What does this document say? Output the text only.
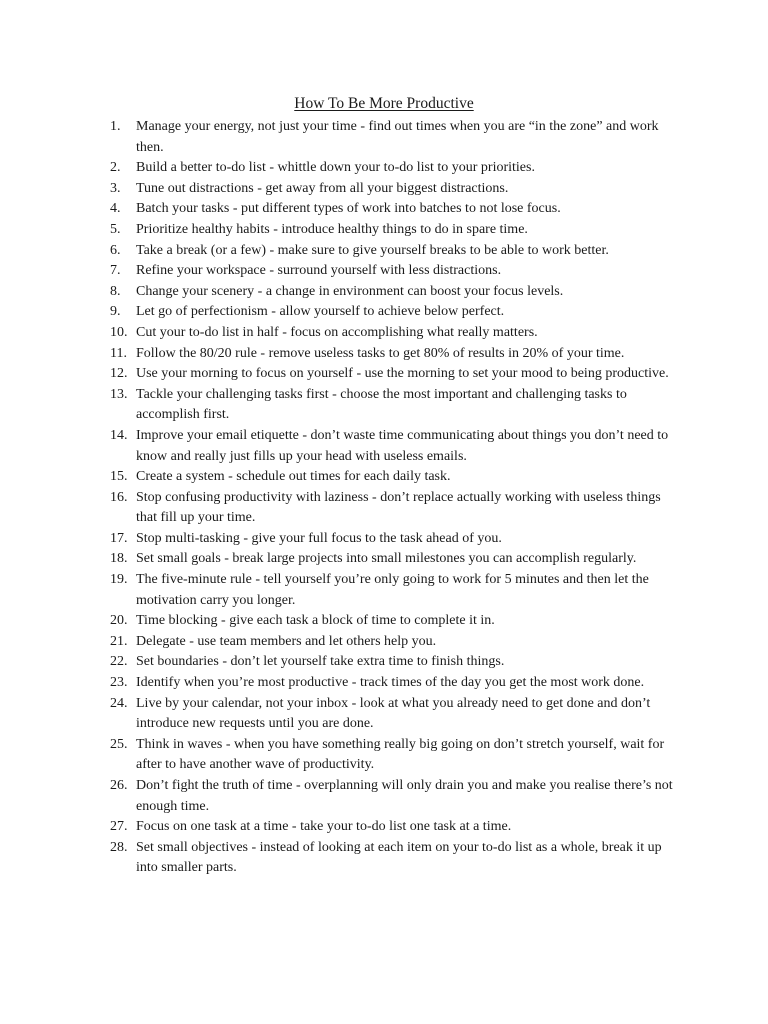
How To Be More Productive
1.	Manage your energy, not just your time - find out times when you are “in the zone” and work then.
2.	Build a better to-do list - whittle down your to-do list to your priorities.
3.	Tune out distractions - get away from all your biggest distractions.
4.	Batch your tasks - put different types of work into batches to not lose focus.
5.	Prioritize healthy habits - introduce healthy things to do in spare time.
6.	Take a break (or a few) - make sure to give yourself breaks to be able to work better.
7.	Refine your workspace - surround yourself with less distractions.
8.	Change your scenery - a change in environment can boost your focus levels.
9.	Let go of perfectionism - allow yourself to achieve below perfect.
10. Cut your to-do list in half - focus on accomplishing what really matters.
11. Follow the 80/20 rule - remove useless tasks to get 80% of results in 20% of your time.
12. Use your morning to focus on yourself - use the morning to set your mood to being productive.
13. Tackle your challenging tasks first - choose the most important and challenging tasks to accomplish first.
14. Improve your email etiquette - don’t waste time communicating about things you don’t need to know and really just fills up your head with useless emails.
15. Create a system - schedule out times for each daily task.
16. Stop confusing productivity with laziness - don’t replace actually working with useless things that fill up your time.
17. Stop multi-tasking - give your full focus to the task ahead of you.
18. Set small goals - break large projects into small milestones you can accomplish regularly.
19. The five-minute rule - tell yourself you’re only going to work for 5 minutes and then let the motivation carry you longer.
20. Time blocking - give each task a block of time to complete it in.
21. Delegate - use team members and let others help you.
22. Set boundaries - don’t let yourself take extra time to finish things.
23. Identify when you’re most productive - track times of the day you get the most work done.
24. Live by your calendar, not your inbox - look at what you already need to get done and don’t introduce new requests until you are done.
25. Think in waves - when you have something really big going on don’t stretch yourself, wait for after to have another wave of productivity.
26. Don’t fight the truth of time - overplanning will only drain you and make you realise there’s not enough time.
27. Focus on one task at a time - take your to-do list one task at a time.
28. Set small objectives - instead of looking at each item on your to-do list as a whole, break it up into smaller parts.
